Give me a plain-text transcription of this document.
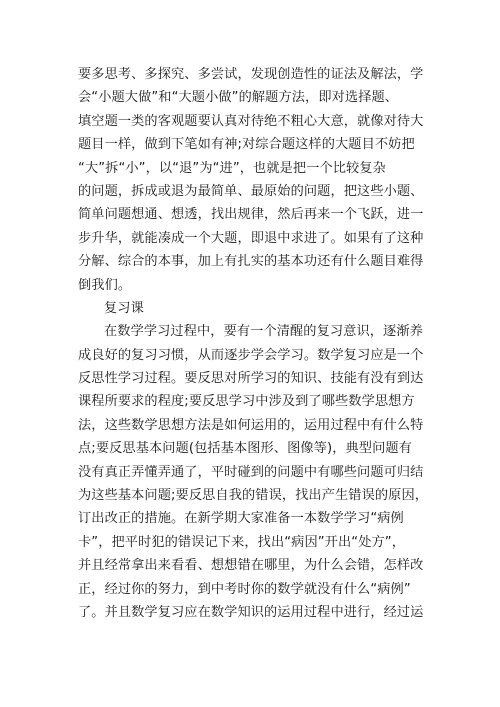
要多思考、多探究、多尝试，发现创造性的证法及解法，学
会“小题大做”和“大题小做”的解题方法，即对选择题、
填空题一类的客观题要认真对待绝不粗心大意，就像对待大
题目一样，做到下笔如有神;对综合题这样的大题目不妨把
“大”拆“小”，以“退”为“进”，也就是把一个比较复杂
的问题，拆成或退为最简单、最原始的问题，把这些小题、
简单问题想通、想透，找出规律，然后再来一个飞跃，进一
步升华，就能凑成一个大题，即退中求进了。如果有了这种
分解、综合的本事，加上有扎实的基本功还有什么题目难得
倒我们。
复习课
在数学学习过程中，要有一个清醒的复习意识，逐渐养
成良好的复习习惯，从而逐步学会学习。数学复习应是一个
反思性学习过程。要反思对所学习的知识、技能有没有到达
课程所要求的程度;要反思学习中涉及到了哪些数学思想方
法，这些数学思想方法是如何运用的，运用过程中有什么特
点;要反思基本问题(包括基本图形、图像等)，典型问题有
没有真正弄懂弄通了，平时碰到的问题中有哪些问题可归结
为这些基本问题;要反思自我的错误，找出产生错误的原因，
订出改正的措施。在新学期大家准备一本数学学习“病例
卡”，把平时犯的错误记下来，找出“病因”开出“处方”，
并且经常拿出来看看、想想错在哪里，为什么会错，怎样改
正，经过你的努力，到中考时你的数学就没有什么“病例”
了。并且数学复习应在数学知识的运用过程中进行，经过运
